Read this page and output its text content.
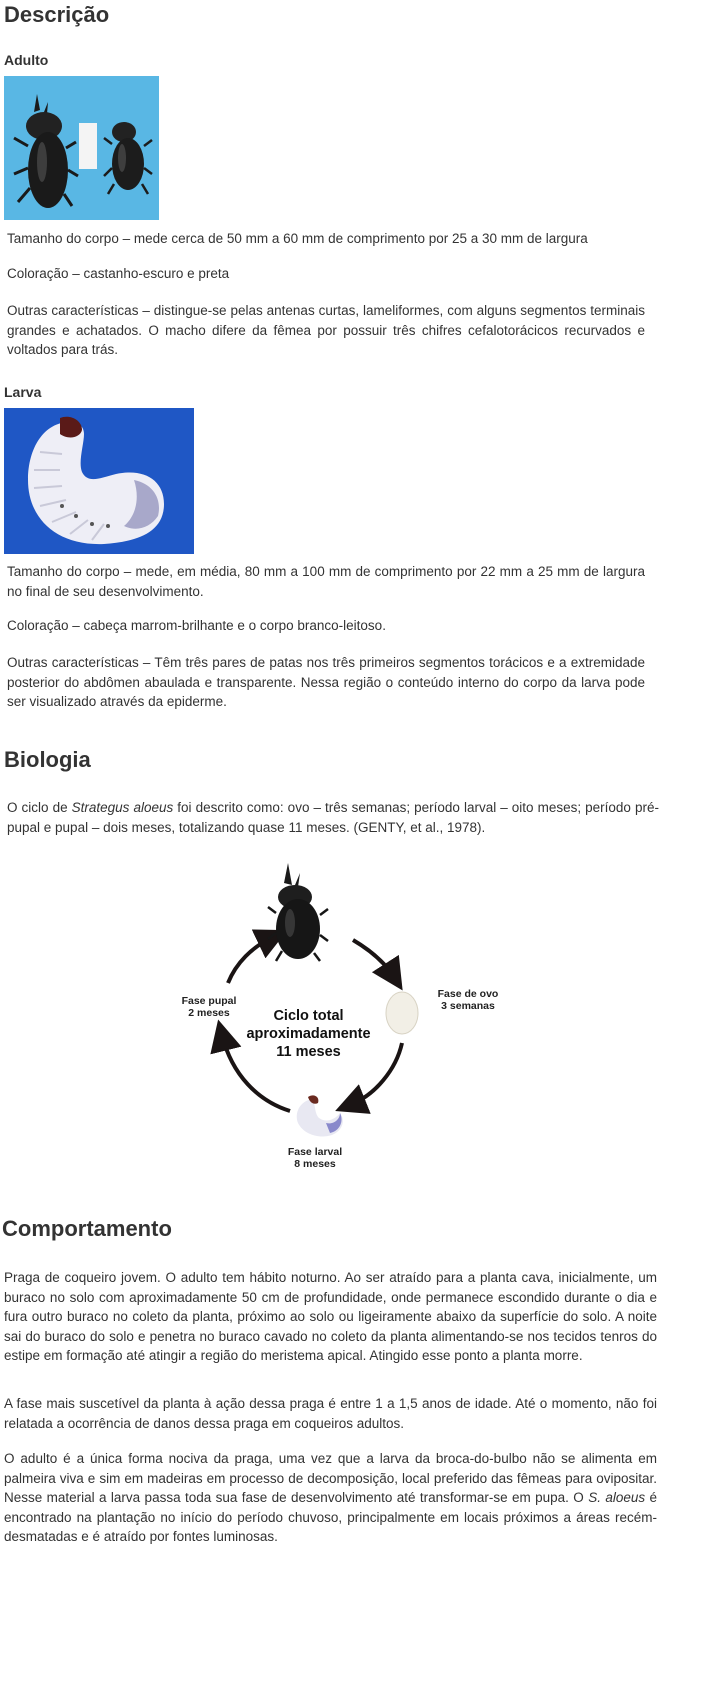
Descrição
Adulto

Tamanho do corpo – mede cerca de 50 mm a 60 mm de comprimento por 25 a 30 mm de largura

Coloração – castanho-escuro e preta

Outras características – distingue-se pelas antenas curtas, lameliformes, com alguns segmentos terminais grandes e achatados. O macho difere da fêmea por possuir três chifres cefalotorácicos recurvados e voltados para trás.

Larva

Tamanho do corpo – mede, em média, 80 mm a 100 mm de comprimento por 22 mm a 25 mm de largura no final de seu desenvolvimento.

Coloração – cabeça marrom-brilhante e o corpo branco-leitoso.

Outras características – Têm três pares de patas nos três primeiros segmentos torácicos e a extremidade posterior do abdômen abaulada e transparente. Nessa região o conteúdo interno do corpo da larva pode ser visualizado através da epiderme.

Biologia

O ciclo de Strategus aloeus foi descrito como: ovo – três semanas; período larval – oito meses; período pré-pupal e pupal – dois meses, totalizando quase 11 meses. (GENTY, et al., 1978).

Fase pupal
2 meses
Fase de ovo
3 semanas
Fase larval
8 meses
Ciclo total
aproximadamente
11 meses
Comportamento

Praga de coqueiro jovem. O adulto tem hábito noturno. Ao ser atraído para a planta cava, inicialmente, um buraco no solo com aproximadamente 50 cm de profundidade, onde permanece escondido durante o dia e fura outro buraco no coleto da planta, próximo ao solo ou ligeiramente abaixo da superfície do solo. A noite sai do buraco do solo e penetra no buraco cavado no coleto da planta alimentando-se nos tecidos tenros do estipe em formação até atingir a região do meristema apical. Atingido esse ponto a planta morre.

A fase mais suscetível da planta à ação dessa praga é entre 1 a 1,5 anos de idade. Até o momento, não foi relatada a ocorrência de danos dessa praga em coqueiros adultos.

O adulto é a única forma nociva da praga, uma vez que a larva da broca-do-bulbo não se alimenta em palmeira viva e sim em madeiras em processo de decomposição, local preferido das fêmeas para ovipositar. Nesse material a larva passa toda sua fase de desenvolvimento até transformar-se em pupa. O S. aloeus é encontrado na plantação no início do período chuvoso, principalmente em locais próximos a áreas recém-desmatadas e é atraído por fontes luminosas.
